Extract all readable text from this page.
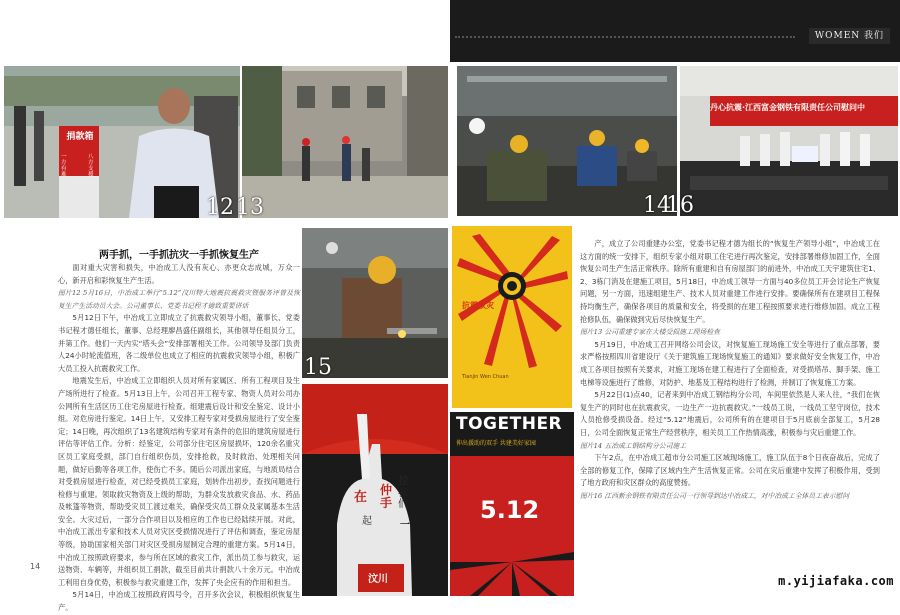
WOMEN 我们
捐款箱
一方有难
八方支援
12 13	14
丹心抗震·江西富金钢铁有限责任公司慰问中
16
两手抓，一手抓抗灾一手抓恢复生产

面对重大灾害和损失，中冶成工人没有灰心、亦更众志成城，万众一心，新开启和彩恢复生产生活。

图片12 5月16日，中冶成工举行“5.12”汶川特大地震抗震救灾暨服务评曾及恢复生产生活动员大会。公司董事长、党委书记程才德致重要讲话

5月12日下午，中冶成工立即成立了抗震救灾领导小组，董事长、党委书记程才德任组长，董事、总经理廖昌盛任副组长，其他领导任组员分工，并第工作。他们一天内实“塔头会”安排部署相关工作。公司领导及部门负责人24小时轮流值班，各二级单位也成立了相应的抗震救灾领导小组，积极广大员工投入抗震救灾工作。

地震发生后，中冶成工立即组织人员对所有家属区、所有工程项目及生产场所进行了检查。5月13日上午，公司召开工程专家、物资人员对公司办公网所有生活区历工住宅房屋进行检查。组建震后设计和安全鉴定、设计小组。对危房进行鉴定。14日上午，又安排工程专家对受损房屋进行了安全鉴定；14日晚，再次组织了13名建筑结构专家对有条件的危旧的建筑房屋进行评估等评估工作。分析：经鉴定，公司部分住宅区房屋损坏，120余名重灾区员工家庭受损，部门自行组织伤员，安排抢救，及时救治、处理相关问题，做好后勤等各项工作，使伤亡不多。随后公司派出家庭，与地质局结合对受损房屋进行检查，对已经受损员工家庭，划转作出初步，查找问题进行检修与重建。领取救灾物资及上级的帮助，为群众发放救灾食品、水、药品及帐篷等物资，帮助受灾员工渡过难关，确保受灾员工群众及家属基本生活安全。大灾过后，一部分合作项目以及相应的工作也已经陆续开展。对此，中冶成工派出专家和技术人员对灾区受损情况进行了评估和调查，鉴定房屋等级，协助国家相关部门对灾区受损房屋制定合理的重建方案。5月14日，中冶成工按照政府要求，参与所在区域的救灾工作，派出员工参与救灾，运送物资、车辆等，并组织员工捐款，截至目前共计捐款八十余万元。中冶成工利用自身优势，积极参与救灾重建工作，发挥了央企应有的作用和担当。

5月14日，中冶成工按照政府四号令，召开多次会议，积极组织恢复生产。

15
在 仲手
拉
我们
一
起
汶川
抗震救灾
Tianjin Wen Chuan
TOGETHER
伸出援助的双手 共建美好家园
5.12

产，成立了公司重建办公室，党委书记程才德为组长的“恢复生产领导小组”，中冶成工在这方面的统一安排下，组织专家小组对职工住宅进行再次鉴定，安排部署维修加固工作，全面恢复公司生产生活正常秩序。除所有重建和自有房屋部门的前进外，中冶成工天宇建筑住宅1、2、3栋门消及在建施工项目，5月18日，中冶成工领导一方面与40多位员工开会讨论生产恢复问题，另一方面，迅速组建生产、技术人员对重建工作进行安排。要确保所有在建项目工程保持均衡生产，确保各项目的质量和安全，将受损的在建工程按照要求进行维修加固。成立工程抢修队伍，确保做到灾后尽快恢复生产。

图片13 公司重建专家在大楼受损施工现场检查

5月19日，中冶成工召开网络公司会议，对恢复施工现场施工安全等进行了重点部署，要求严格按照四川省建设厅《关于建筑施工现场恢复施工的通知》要求做好安全恢复工作，中冶成工各项目按照有关要求，对施工现场在建工程进行了全面检查，对受损塔吊、脚手架、施工电梯等设施进行了维修，对防护、地基及工程结构进行了检测，并制订了恢复施工方案。

5月22日(1)点40，记者来到中冶成工钢结构分公司，车间里依然是人来人往，“我们在恢复生产的同时也在抗震救灾，一边生产一边抗震救灾。”一线员工说，一线员工坚守岗位，技术人员抢修受损设备。经过“5.12”地震后，公司所有的在建项目于5月底前全部复工，5月28日，公司全面恢复正常生产经营秩序，相关员工工作热情高涨，积极参与灾后重建工作。

图片14 五冶成工钢结构分公司施工

下午2点，在中冶成工超市分公司施工区域现场施工，施工队伍于8个日夜奋战后，完成了全部的修复工作，保障了区域内生产生活恢复正常。公司在灾后重建中发挥了积极作用，受到了地方政府和灾区群众的高度赞扬。

图片16 江西新余钢铁有限责任公司一行领导到达中冶成工，对中冶成工全体员工表示慰问

14
m.yijiafaka.com
